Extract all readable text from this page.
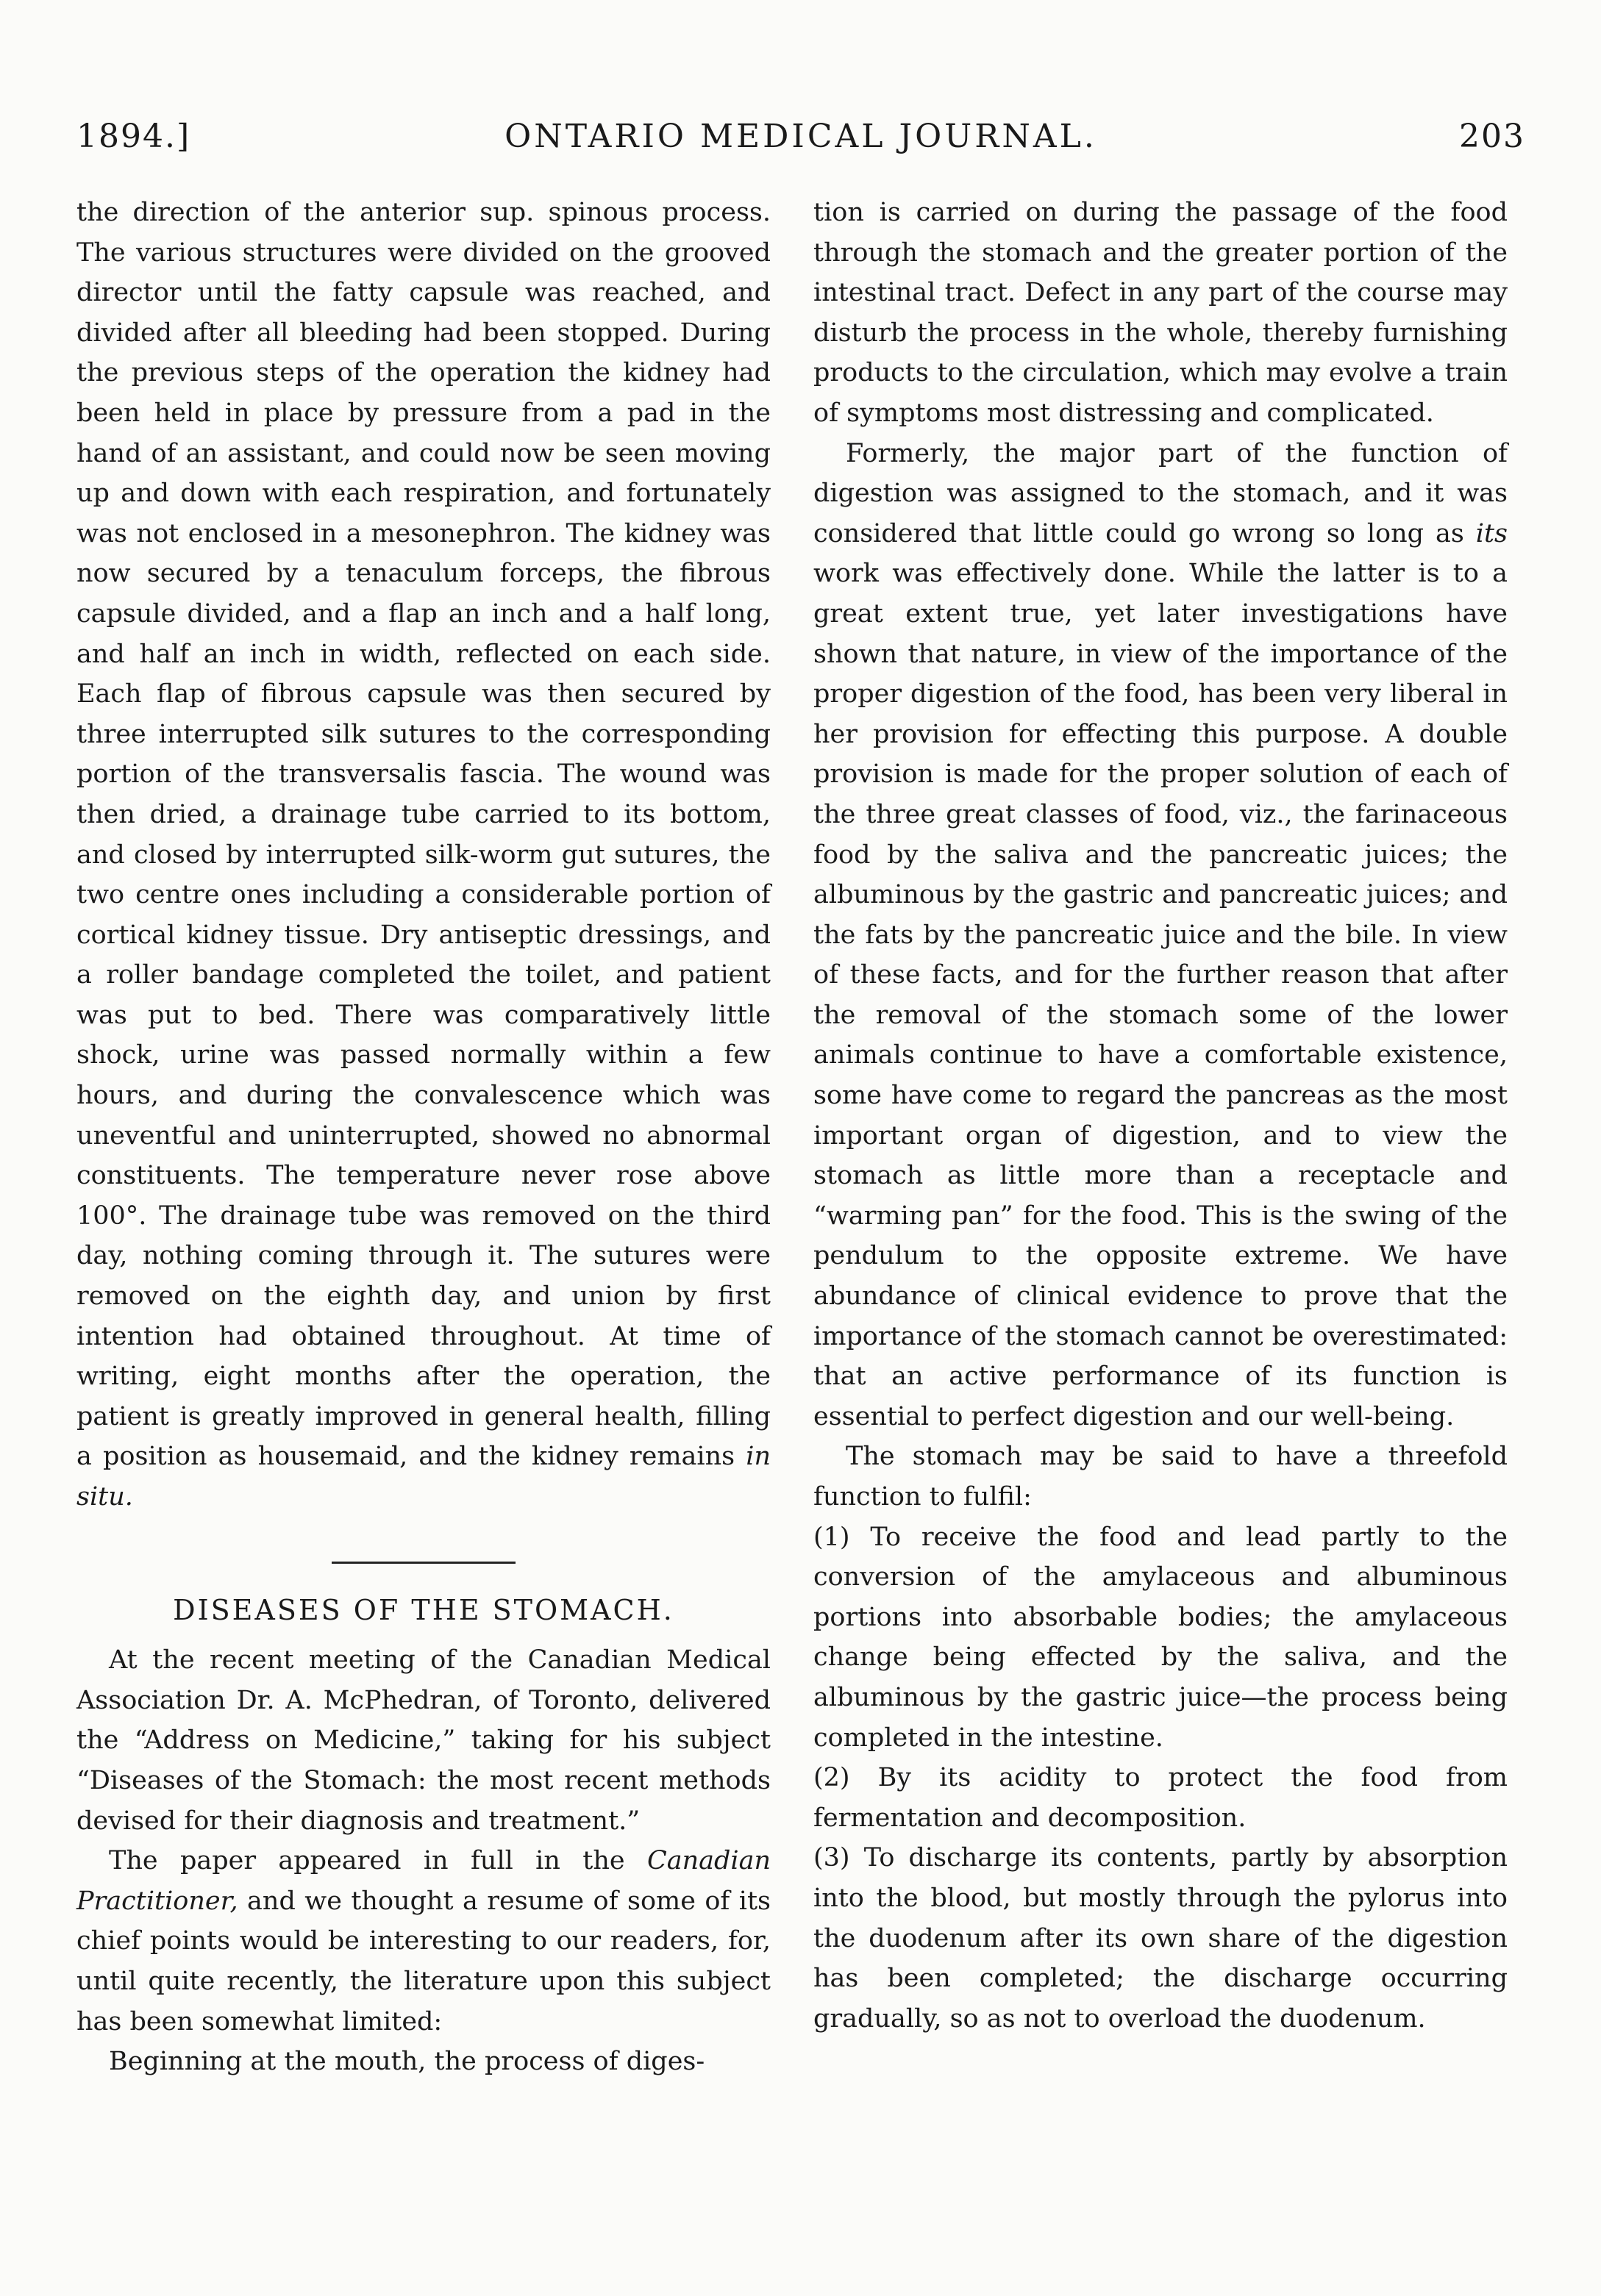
1894.]	ONTARIO MEDICAL JOURNAL.	203

the direction of the anterior sup. spinous process. The various structures were divided on the grooved director until the fatty capsule was reached, and divided after all bleeding had been stopped. During the previous steps of the operation the kidney had been held in place by pressure from a pad in the hand of an assistant, and could now be seen moving up and down with each respiration, and fortunately was not enclosed in a mesonephron. The kidney was now secured by a tenaculum forceps, the fibrous capsule divided, and a flap an inch and a half long, and half an inch in width, reflected on each side. Each flap of fibrous capsule was then secured by three interrupted silk sutures to the corresponding portion of the transversalis fascia. The wound was then dried, a drainage tube carried to its bottom, and closed by interrupted silk-worm gut sutures, the two centre ones including a considerable portion of cortical kidney tissue. Dry antiseptic dressings, and a roller bandage completed the toilet, and patient was put to bed. There was comparatively little shock, urine was passed normally within a few hours, and during the convalescence which was uneventful and uninterrupted, showed no abnormal constituents. The temperature never rose above 100°. The drainage tube was removed on the third day, nothing coming through it. The sutures were removed on the eighth day, and union by first intention had obtained throughout. At time of writing, eight months after the operation, the patient is greatly improved in general health, filling a position as housemaid, and the kidney remains in situ.

DISEASES OF THE STOMACH.

At the recent meeting of the Canadian Medical Association Dr. A. McPhedran, of Toronto, delivered the “Address on Medicine,” taking for his subject “Diseases of the Stomach: the most recent methods devised for their diagnosis and treatment.”

The paper appeared in full in the Canadian Practitioner, and we thought a resume of some of its chief points would be interesting to our readers, for, until quite recently, the literature upon this subject has been somewhat limited:

Beginning at the mouth, the process of diges-

tion is carried on during the passage of the food through the stomach and the greater portion of the intestinal tract. Defect in any part of the course may disturb the process in the whole, thereby furnishing products to the circulation, which may evolve a train of symptoms most distressing and complicated.

Formerly, the major part of the function of digestion was assigned to the stomach, and it was considered that little could go wrong so long as its work was effectively done. While the latter is to a great extent true, yet later investigations have shown that nature, in view of the importance of the proper digestion of the food, has been very liberal in her provision for effecting this purpose. A double provision is made for the proper solution of each of the three great classes of food, viz., the farinaceous food by the saliva and the pancreatic juices; the albuminous by the gastric and pancreatic juices; and the fats by the pancreatic juice and the bile. In view of these facts, and for the further reason that after the removal of the stomach some of the lower animals continue to have a comfortable existence, some have come to regard the pancreas as the most important organ of digestion, and to view the stomach as little more than a receptacle and “warming pan” for the food. This is the swing of the pendulum to the opposite extreme. We have abundance of clinical evidence to prove that the importance of the stomach cannot be overestimated: that an active performance of its function is essential to perfect digestion and our well-being.

The stomach may be said to have a threefold function to fulfil:

(1) To receive the food and lead partly to the conversion of the amylaceous and albuminous portions into absorbable bodies; the amylaceous change being effected by the saliva, and the albuminous by the gastric juice—the process being completed in the intestine.

(2) By its acidity to protect the food from fermentation and decomposition.

(3) To discharge its contents, partly by absorption into the blood, but mostly through the pylorus into the duodenum after its own share of the digestion has been completed; the discharge occurring gradually, so as not to overload the duodenum.
